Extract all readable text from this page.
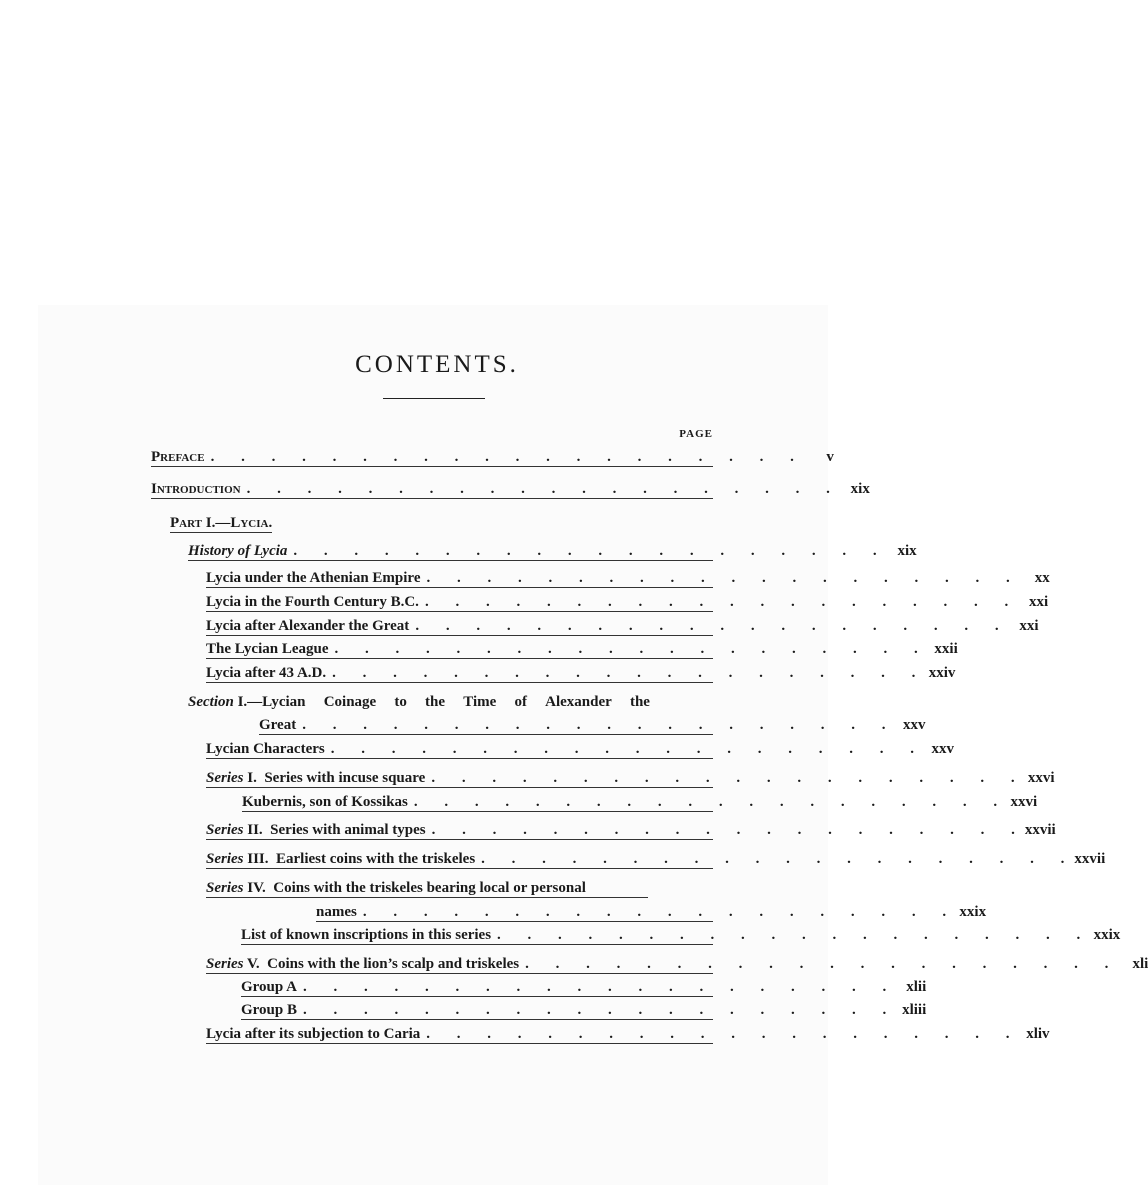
CONTENTS.
PAGE
Preface . . . . . . . . . . . . . . . . . . . .	v
Introduction . . . . . . . . . . . . . . . . . . . .	xix
Part I.—Lycia.
History of Lycia . . . . . . . . . . . . . . . . . . . .	xix
Lycia under the Athenian Empire . . . . . . . . . . . . . . . . . . . .	xx
Lycia in the Fourth Century B.C. . . . . . . . . . . . . . . . . . . . .	xxi
Lycia after Alexander the Great . . . . . . . . . . . . . . . . . . . .	xxi
The Lycian League . . . . . . . . . . . . . . . . . . . .	xxii
Lycia after 43 A.D. . . . . . . . . . . . . . . . . . . . . xxiv
Section I.—Lycian Coinage to the Time of Alexander the
Great . . . . . . . . . . . . . . . . . . . .	xxv
Lycian Characters . . . . . . . . . . . . . . . . . . . .	xxv
Series I.  Series with incuse square . . . . . . . . . . . . . . . . . . . . xxvi
Kubernis, son of Kossikas . . . . . . . . . . . . . . . . . . . . xxvi
Series II.  Series with animal types . . . . . . . . . . . . . . . . . . . . xxvii
Series III.  Earliest coins with the triskeles . . . . . . . . . . . . . . . . . . . . xxvii
Series IV.  Coins with the triskeles bearing local or personal
names . . . . . . . . . . . . . . . . . . . . xxix
List of known inscriptions in this series . . . . . . . . . . . . . . . . . . . . xxix
Series V.  Coins with the lion’s scalp and triskeles . . . . . . . . . . . . . . . . . . . .	xli
Group A . . . . . . . . . . . . . . . . . . . .	xlii
Group B . . . . . . . . . . . . . . . . . . . .	xliii
Lycia after its subjection to Caria . . . . . . . . . . . . . . . . . . . .	xliv
